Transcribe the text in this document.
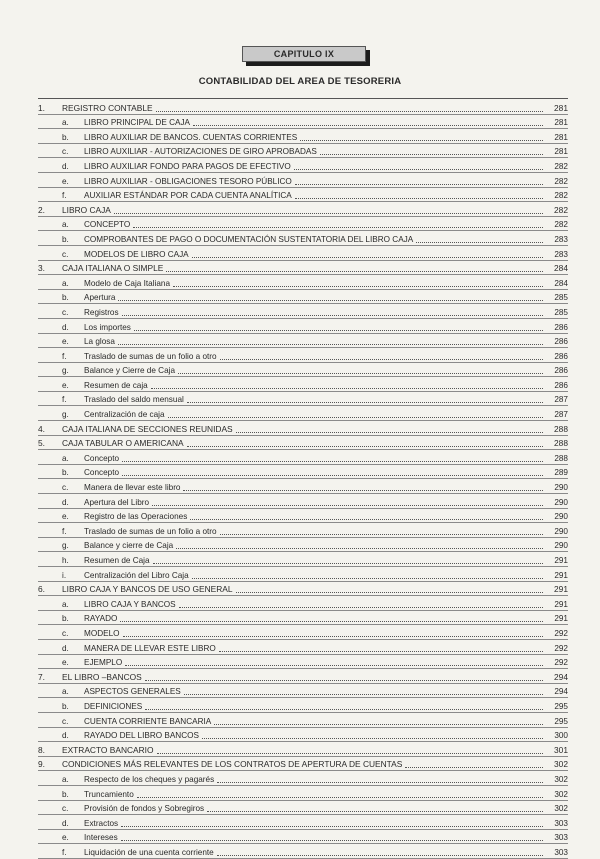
CAPITULO IX
CONTABILIDAD DEL AREA DE TESORERIA
1.	REGISTRO CONTABLE	281
a.	LIBRO PRINCIPAL DE CAJA	281
b.	LIBRO AUXILIAR DE BANCOS. CUENTAS CORRIENTES	281
c.	LIBRO AUXILIAR - AUTORIZACIONES DE GIRO APROBADAS	281
d.	LIBRO AUXILIAR FONDO PARA PAGOS DE EFECTIVO	282
e.	LIBRO AUXILIAR - OBLIGACIONES TESORO PÚBLICO	282
f.	AUXILIAR ESTÁNDAR POR CADA CUENTA ANALÍTICA	282
2.	LIBRO CAJA	282
a.	CONCEPTO	282
b.	COMPROBANTES DE PAGO O DOCUMENTACIÓN SUSTENTATORIA DEL LIBRO CAJA	283
c.	MODELOS DE LIBRO CAJA	283
3.	CAJA ITALIANA O SIMPLE	284
a.	Modelo de Caja Italiana	284
b.	Apertura	285
c.	Registros	285
d.	Los importes	286
e.	La glosa	286
f.	Traslado de sumas de un folio a otro	286
g.	Balance y Cierre de Caja	286
e.	Resumen de caja	286
f.	Traslado del saldo mensual	287
g.	Centralización de caja	287
4.	CAJA ITALIANA DE SECCIONES REUNIDAS	288
5.	CAJA TABULAR O AMERICANA	288
a.	Concepto	288
b.	Concepto	289
c.	Manera de llevar este libro	290
d.	Apertura del Libro	290
e.	Registro de las Operaciones	290
f.	Traslado de sumas de un folio a otro	290
g.	Balance y cierre de Caja	290
h.	Resumen de Caja	291
i.	Centralización del Libro Caja	291
6.	LIBRO CAJA Y BANCOS DE USO GENERAL	291
a.	LIBRO CAJA Y BANCOS	291
b.	RAYADO	291
c.	MODELO	292
d.	MANERA DE LLEVAR ESTE LIBRO	292
e.	EJEMPLO	292
7.	EL LIBRO –BANCOS	294
a.	ASPECTOS GENERALES	294
b.	DEFINICIONES	295
c.	CUENTA CORRIENTE BANCARIA	295
d.	RAYADO DEL LIBRO BANCOS	300
8.	EXTRACTO BANCARIO	301
9.	CONDICIONES MÁS RELEVANTES DE LOS CONTRATOS DE APERTURA DE CUENTAS	302
a.	Respecto de los cheques y pagarés	302
b.	Truncamiento	302
c.	Provisión de fondos y Sobregiros	302
d.	Extractos	303
e.	Intereses	303
f.	Liquidación de una cuenta corriente	303
